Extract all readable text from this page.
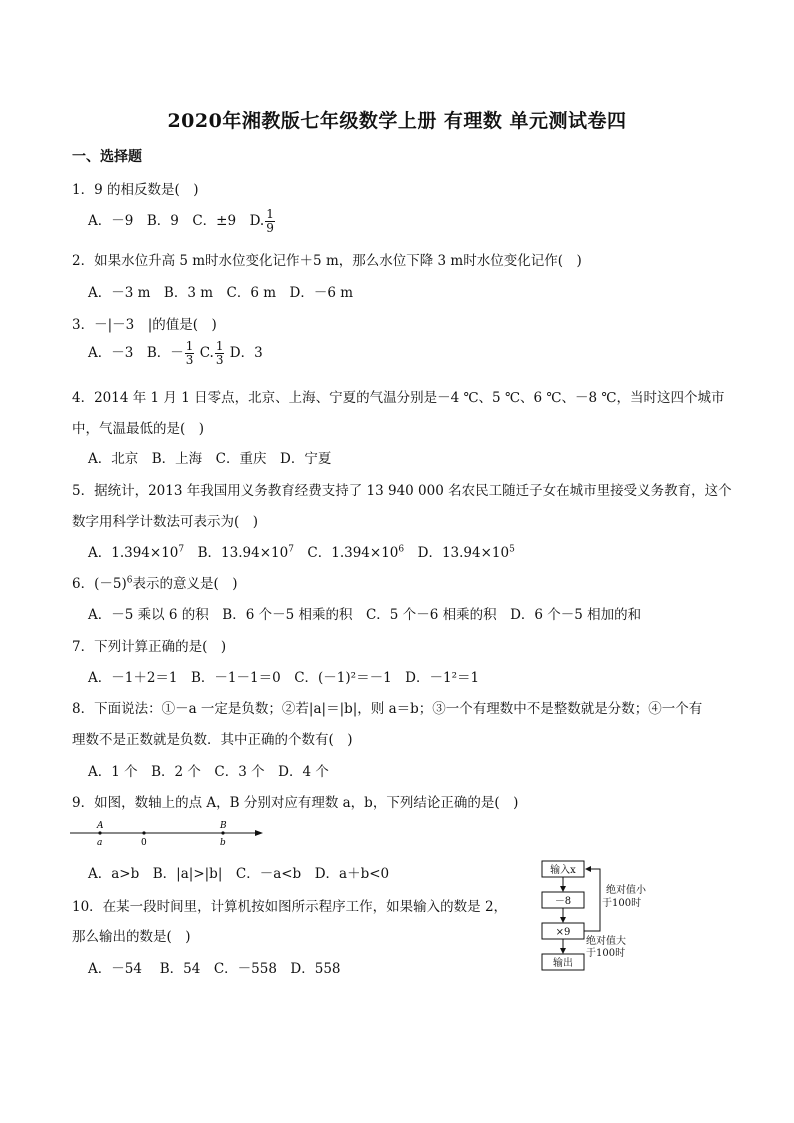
2020年湘教版七年级数学上册 有理数 单元测试卷四
一、选择题
1．9 的相反数是(　)
A．－9　B．9　C．±9　D. $\frac{1}{9}$
2．如果水位升高 5 m时水位变化记作＋5 m，那么水位下降 3 m时水位变化记作(　)
A．－3 m　B．3 m　C．6 m　D．－6 m
3．－|－3　|的值是(　)
A．－3　B．－ $\frac{1}{3} C$. $\frac{1}{3}$ D．3
4．2014 年 1 月 1 日零点，北京、上海、宁夏的气温分别是－4 ℃、5 ℃、6 ℃、－8 ℃，当时这四个城市
中，气温最低的是(　)
A．北京　B．上海　C．重庆　D．宁夏
5．据统计，2013 年我国用义务教育经费支持了 13 940 000 名农民工随迁子女在城市里接受义务教育，这个
数字用科学计数法可表示为(　)
A．$1.394\times 10^7$　B．$13.94\times 10^7$　C．$1.394\times 10^6$　D．$13.94\times 10^5$
6．$(-5)^6$表示的意义是(　)
A．－5 乘以 6 的积　B．6 个－5 相乘的积　C．5 个－6 相乘的积　D．6 个－5 相加的和
7．下列计算正确的是(　)
A．－1＋2＝1　B．－1－1＝0　C．(－1)²＝－1　D．－1²＝1
8．下面说法：①－a 一定是负数；②若|a|＝|b|，则 a＝b；③一个有理数中不是整数就是分数；④一个有
理数不是正数就是负数．其中正确的个数有(　)
A．1 个　B．2 个　C．3 个　D．4 个
9．如图，数轴上的点 A，B 分别对应有理数 a，b，下列结论正确的是(　)
A
a	0
B
b
A．a>b　B．|a|>|b|　C．－a<b　D．a＋b<0
10．在某一段时间里，计算机按如图所示程序工作，如果输入的数是 2，
那么输出的数是(　)
A．－54　 B．54　C．－558　D．558
输入x
－8
×9
输出
绝对值小
于100时
绝对值大
于100时
